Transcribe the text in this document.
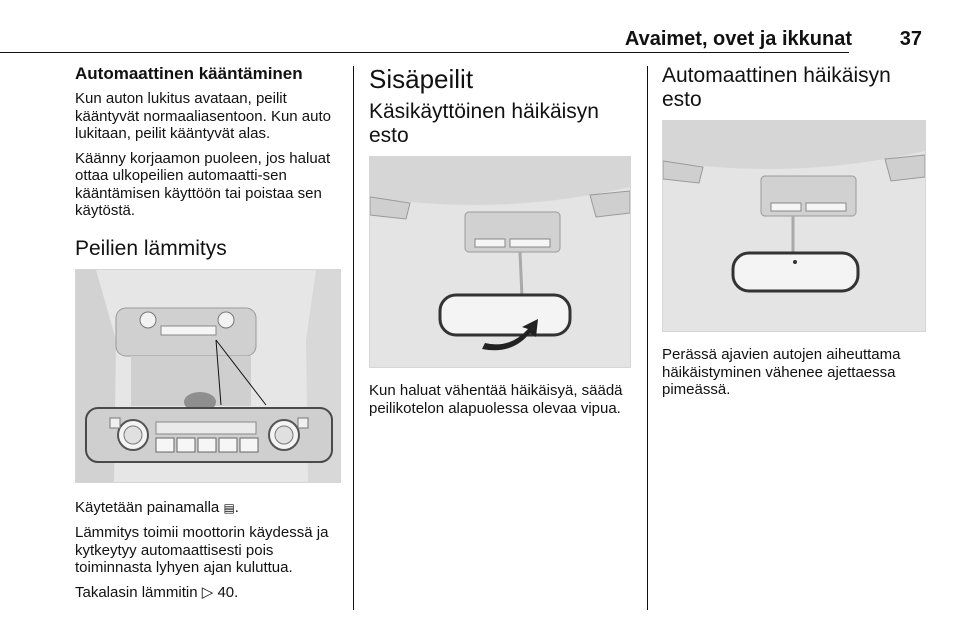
Avaimet, ovet ja ikkunat 37
Automaattinen kääntäminen

Kun auton lukitus avataan, peilit kääntyvät normaaliasentoon. Kun auto lukitaan, peilit kääntyvät alas.

Käänny korjaamon puoleen, jos haluat ottaa ulkopeilien automaatti-sen kääntämisen käyttöön tai poistaa sen käytöstä.

Peilien lämmitys

Käytetään painamalla ▤.

Lämmitys toimii moottorin käydessä ja kytkeytyy automaattisesti pois toiminnasta lyhyen ajan kuluttua.

Takalasin lämmitin ▷ 40.

Sisäpeilit
Käsikäyttöinen häikäisyn esto

Kun haluat vähentää häikäisyä, säädä peilikotelon alapuolessa olevaa vipua.

Automaattinen häikäisyn esto

Perässä ajavien autojen aiheuttama häikäistyminen vähenee ajettaessa pimeässä.
